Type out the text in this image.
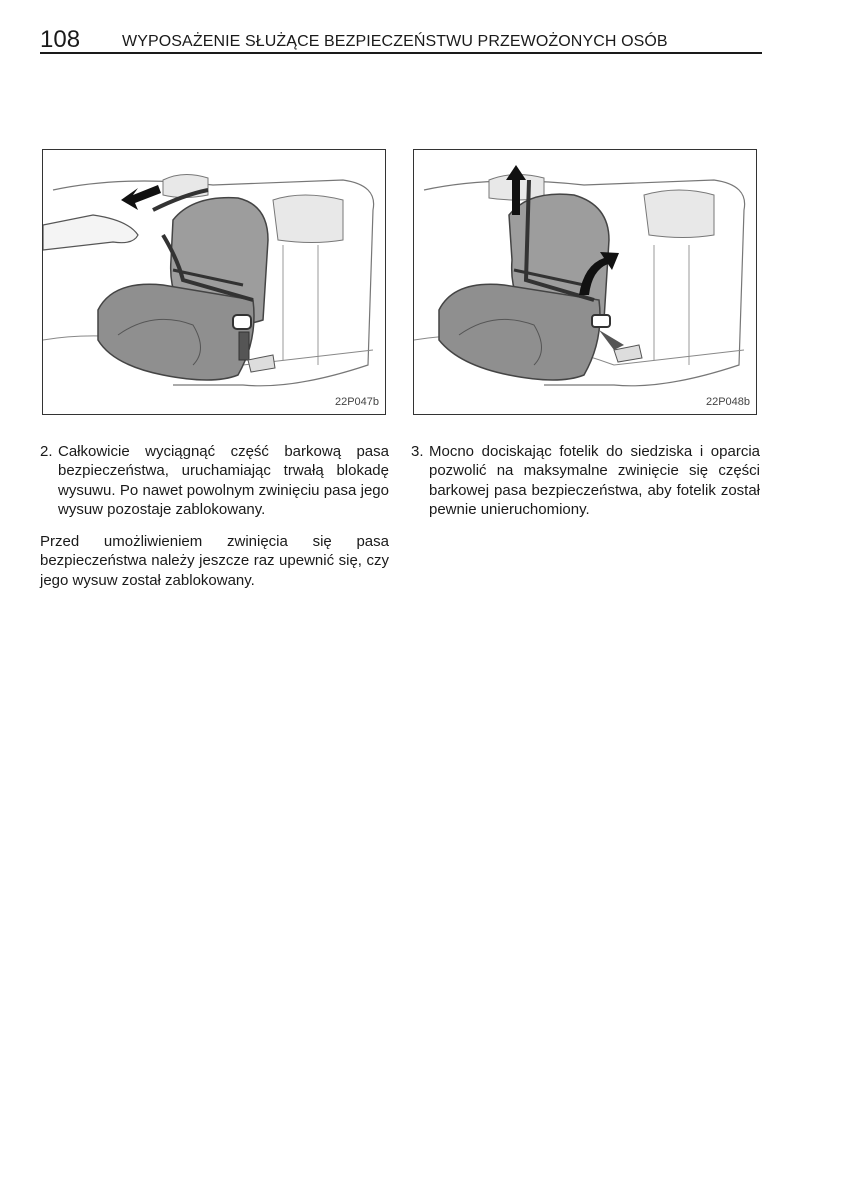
108	WYPOSAŻENIE SŁUŻĄCE BEZPIECZEŃSTWU PRZEWOŻONYCH OSÓB
22P047b	22P048b
2. Całkowicie wyciągnąć część barkową pasa bezpieczeństwa, uruchamiając trwałą blokadę wysuwu. Po nawet powolnym zwinięciu pasa jego wysuw pozostaje zablokowany.
Przed umożliwieniem zwinięcia się pasa bezpieczeństwa należy jeszcze raz upewnić się, czy jego wysuw został zablokowany.
3. Mocno dociskając fotelik do siedziska i oparcia pozwolić na maksymalne zwinięcie się części barkowej pasa bezpieczeństwa, aby fotelik został pewnie unieruchomiony.
